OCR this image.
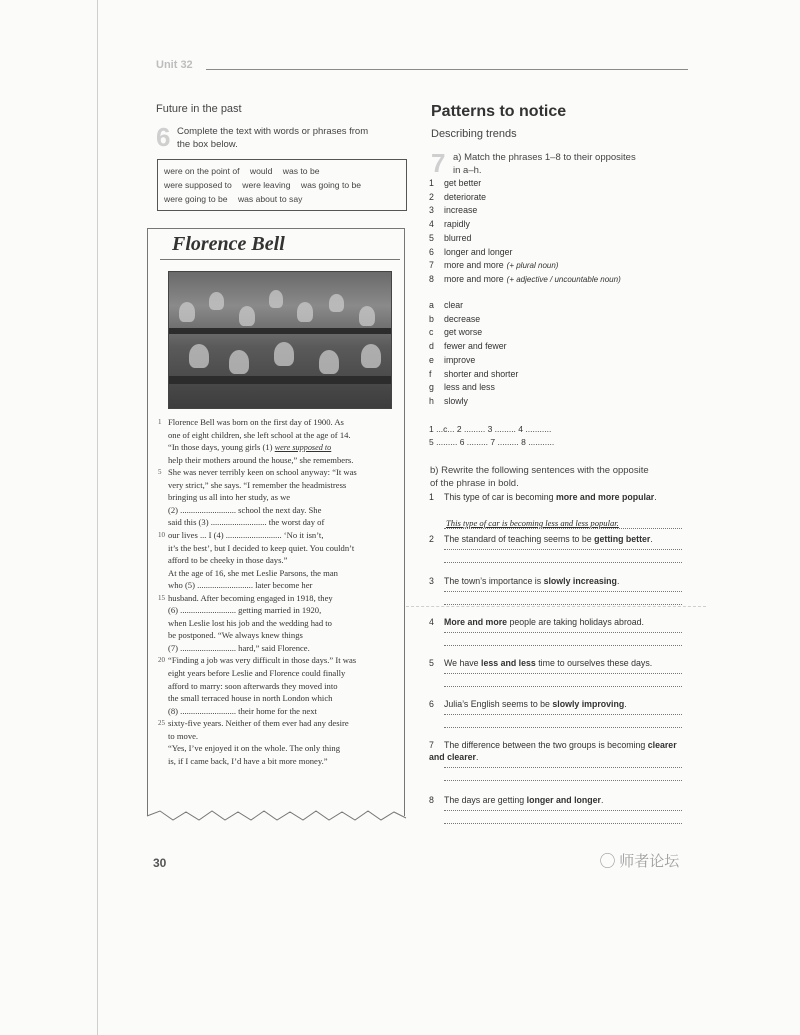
Unit 32
Future in the past
6 Complete the text with words or phrases from
the box below.
were on the point of would was to be
were supposed to were leaving was going to be
were going to be was about to say
Florence Bell
1 Florence Bell was born on the first day of 1900. As
one of eight children, she left school at the age of 14.
“In those days, young girls (1) were supposed to
help their mothers around the house,” she remembers.
5 She was never terribly keen on school anyway: “It was
very strict,” she says. “I remember the headmistress
bringing us all into her study, as we
(2) .......................... school the next day. She
said this (3) .......................... the worst day of
10 our lives ... I (4) .......................... ‘No it isn’t,
it’s the best’, but I decided to keep quiet. You couldn’t
afford to be cheeky in those days.”
At the age of 16, she met Leslie Parsons, the man
who (5) .......................... later become her
15 husband. After becoming engaged in 1918, they
(6) .......................... getting married in 1920,
when Leslie lost his job and the wedding had to
be postponed. “We always knew things
(7) .......................... hard,” said Florence.
20 “Finding a job was very difficult in those days.” It was
eight years before Leslie and Florence could finally
afford to marry: soon afterwards they moved into
the small terraced house in north London which
(8) .......................... their home for the next
25 sixty-five years. Neither of them ever had any desire
to move.
“Yes, I’ve enjoyed it on the whole. The only thing
is, if I came back, I’d have a bit more money.”
Patterns to notice
Describing trends
7 a) Match the phrases 1–8 to their opposites
in a–h.
1 get better
2 deteriorate
3 increase
4 rapidly
5 blurred
6 longer and longer
7 more and more (+ plural noun)
8 more and more (+ adjective / uncountable noun)
a clear
b decrease
c get worse
d fewer and fewer
e improve
f shorter and shorter
g less and less
h slowly
1 ...c... 2 ......... 3 ......... 4 ...........
5 ......... 6 ......... 7 ......... 8 ...........
b) Rewrite the following sentences with the opposite
of the phrase in bold.
1 This type of car is becoming more and more popular.
This type of car is becoming less and less popular.
2 The standard of teaching seems to be getting better.
3 The town’s importance is slowly increasing.
4 More and more people are taking holidays abroad.
5 We have less and less time to ourselves these days.
6 Julia’s English seems to be slowly improving.
7 The difference between the two groups is becoming clearer and clearer.
8 The days are getting longer and longer.
30	◯ 师者论坛
